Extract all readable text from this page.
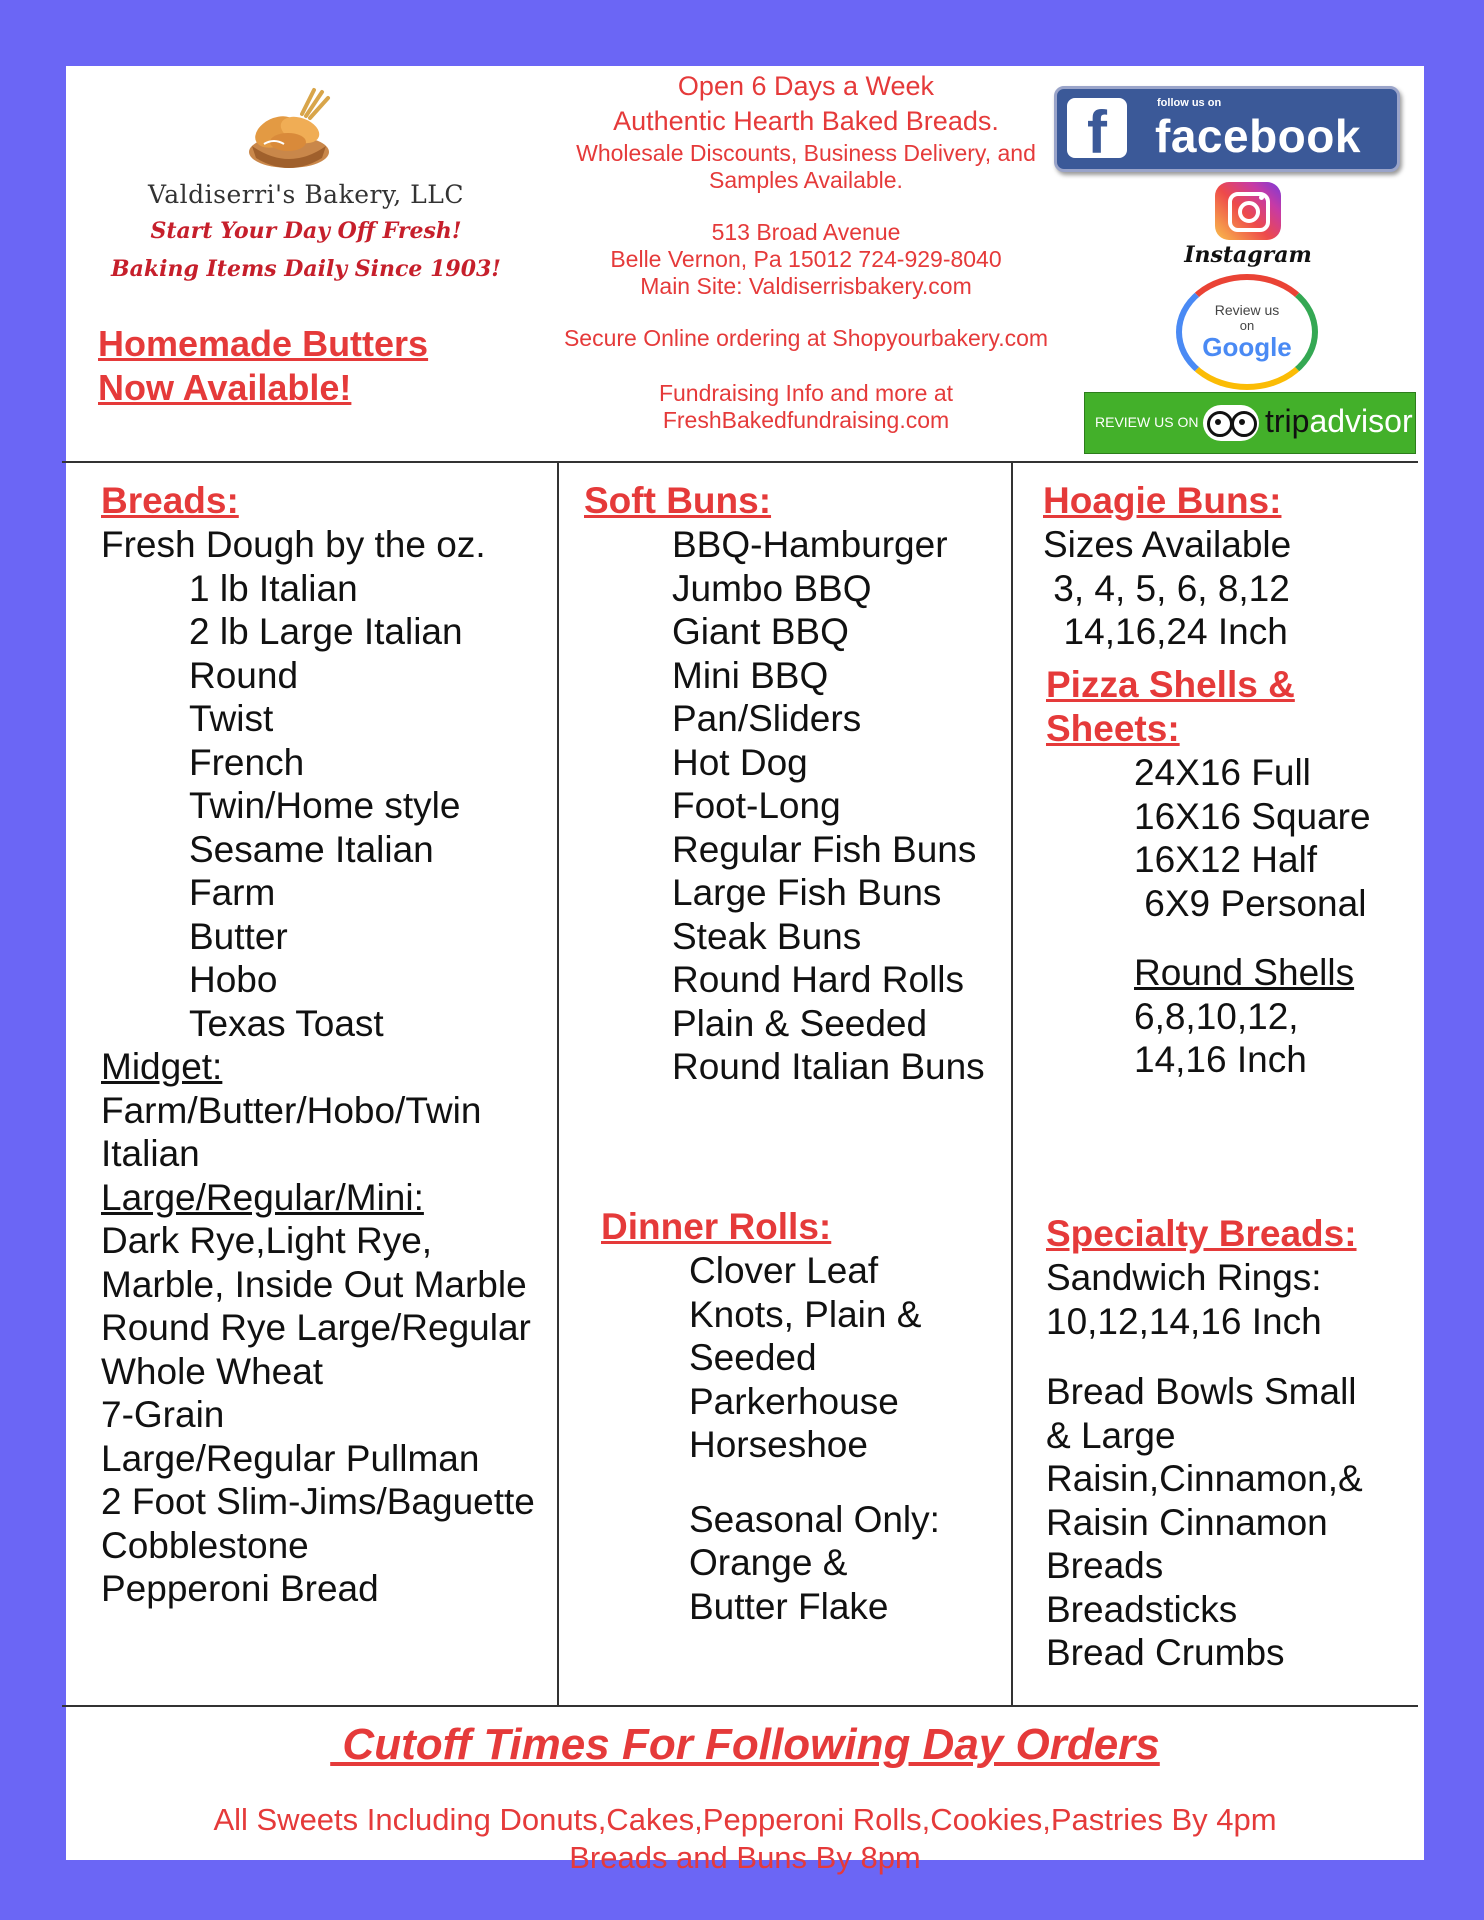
Valdiserri's Bakery, LLC
Start Your Day Off Fresh!
Baking Items Daily Since 1903!
Homemade Butters
Now Available!
Open 6 Days a Week
Authentic Hearth Baked Breads.
Wholesale Discounts, Business Delivery, and
Samples Available.
513 Broad Avenue
Belle Vernon, Pa 15012 724-929-8040
Main Site: Valdiserrisbakery.com
Secure Online ordering at Shopyourbakery.com
Fundraising Info and more at
FreshBakedfundraising.com
f	follow us on
facebook
Instagram
Review us
on
Google
REVIEW US ON tripadvisor
Breads:
Fresh Dough by the oz.
1 lb Italian
2 lb Large Italian
Round
Twist
French
Twin/Home style
Sesame Italian
Farm
Butter
Hobo
Texas Toast
Midget:
Farm/Butter/Hobo/Twin
Italian
Large/Regular/Mini:
Dark Rye,Light Rye,
Marble, Inside Out Marble
Round Rye Large/Regular
Whole Wheat
7-Grain
Large/Regular Pullman
2 Foot Slim-Jims/Baguette
Cobblestone
Pepperoni Bread
Soft Buns:
BBQ-Hamburger
Jumbo BBQ
Giant BBQ
Mini BBQ
Pan/Sliders
Hot Dog
Foot-Long
Regular Fish Buns
Large Fish Buns
Steak Buns
Round Hard Rolls
Plain & Seeded
Round Italian Buns
Dinner Rolls:
Clover Leaf
Knots, Plain &
Seeded
Parkerhouse
Horseshoe
Seasonal Only:
Orange &
Butter Flake
Hoagie Buns:
Sizes Available
3, 4, 5, 6, 8,12
14,16,24 Inch
Pizza Shells &
Sheets:
24X16 Full
16X16 Square
16X12 Half
6X9 Personal
Round Shells
6,8,10,12,
14,16 Inch
Specialty Breads:
Sandwich Rings:
10,12,14,16 Inch
Bread Bowls Small
& Large
Raisin,Cinnamon,&
Raisin Cinnamon
Breads
Breadsticks
Bread Crumbs
Cutoff Times For Following Day Orders
All Sweets Including Donuts,Cakes,Pepperoni Rolls,Cookies,Pastries By 4pm
Breads and Buns By 8pm
